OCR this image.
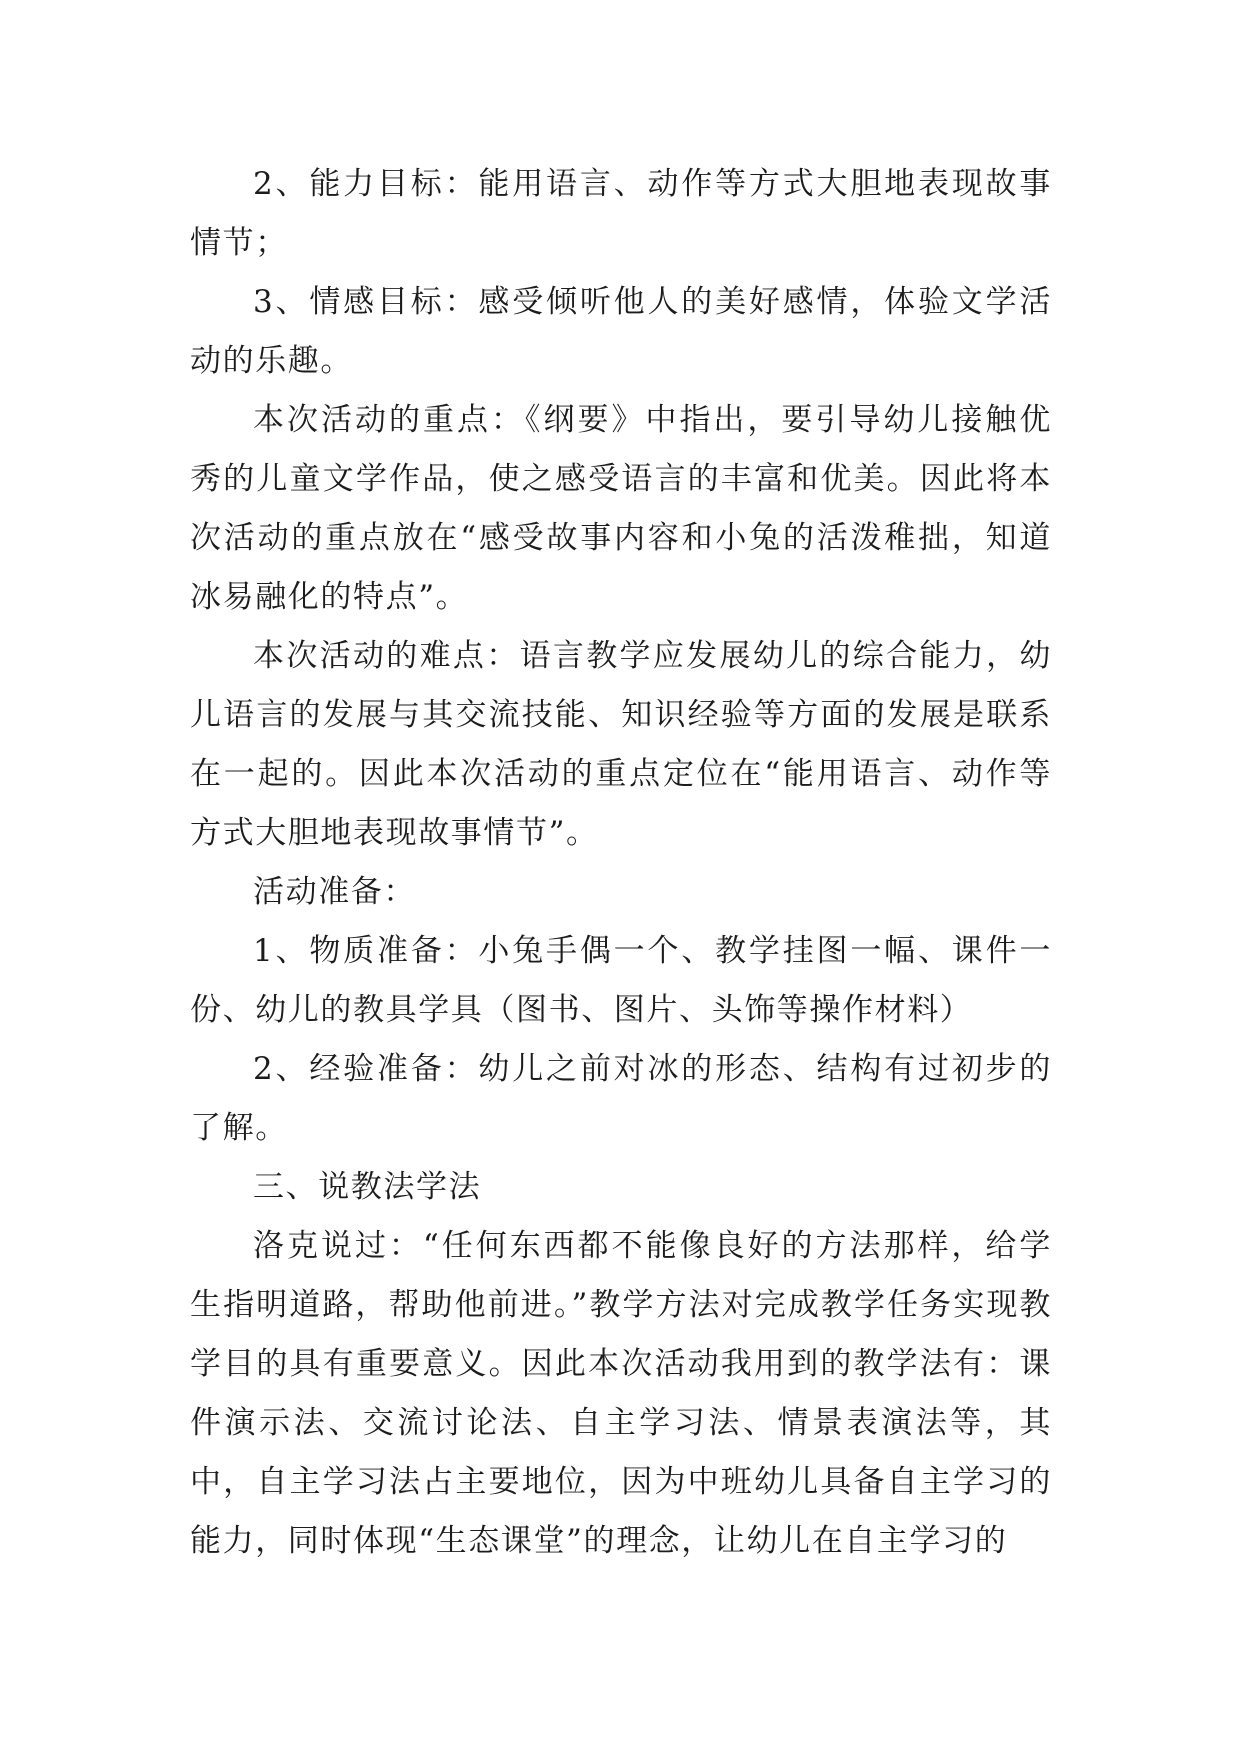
2、能力目标：能用语言、动作等方式大胆地表现故事情节；

3、情感目标：感受倾听他人的美好感情，体验文学活动的乐趣。

本次活动的重点：《纲要》中指出，要引导幼儿接触优秀的儿童文学作品，使之感受语言的丰富和优美。因此将本次活动的重点放在“感受故事内容和小兔的活泼稚拙，知道冰易融化的特点”。

本次活动的难点：语言教学应发展幼儿的综合能力，幼儿语言的发展与其交流技能、知识经验等方面的发展是联系在一起的。因此本次活动的重点定位在“能用语言、动作等方式大胆地表现故事情节”。

活动准备：

1、物质准备：小兔手偶一个、教学挂图一幅、课件一份、幼儿的教具学具（图书、图片、头饰等操作材料）

2、经验准备：幼儿之前对冰的形态、结构有过初步的了解。

三、说教法学法

洛克说过：“任何东西都不能像良好的方法那样，给学生指明道路，帮助他前进。”教学方法对完成教学任务实现教学目的具有重要意义。因此本次活动我用到的教学法有：课件演示法、交流讨论法、自主学习法、情景表演法等，其中，自主学习法占主要地位，因为中班幼儿具备自主学习的能力，同时体现“生态课堂”的理念，让幼儿在自主学习的
